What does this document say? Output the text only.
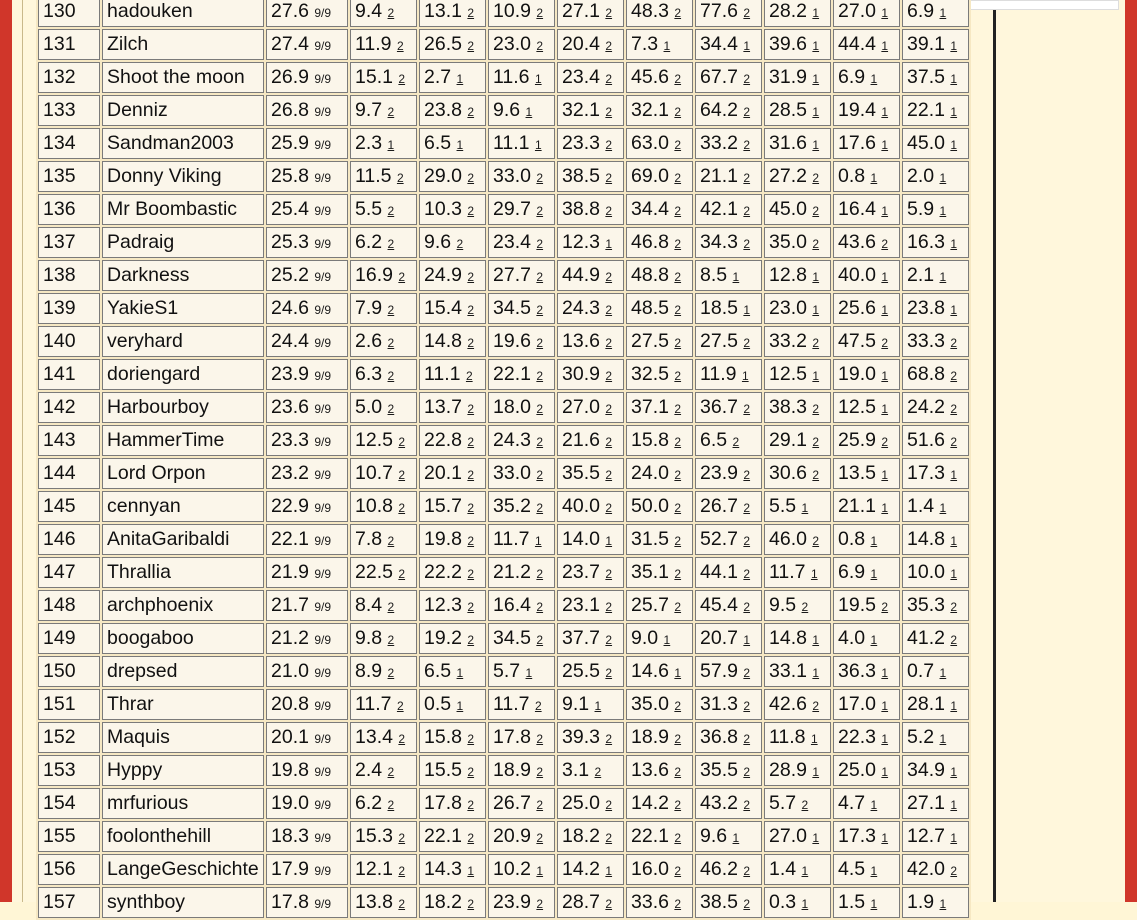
130	hadouken	27.6 9/9	9.4 2	13.1 2	10.9 2	27.1 2	48.3 2	77.6 2	28.2 1	27.0 1	6.9 1
131	Zilch	27.4 9/9	11.9 2	26.5 2	23.0 2	20.4 2	7.3 1	34.4 1	39.6 1	44.4 1	39.1 1
132	Shoot the moon	26.9 9/9	15.1 2	2.7 1	11.6 1	23.4 2	45.6 2	67.7 2	31.9 1	6.9 1	37.5 1
133	Denniz	26.8 9/9	9.7 2	23.8 2	9.6 1	32.1 2	32.1 2	64.2 2	28.5 1	19.4 1	22.1 1
134	Sandman2003	25.9 9/9	2.3 1	6.5 1	11.1 1	23.3 2	63.0 2	33.2 2	31.6 1	17.6 1	45.0 1
135	Donny Viking	25.8 9/9	11.5 2	29.0 2	33.0 2	38.5 2	69.0 2	21.1 2	27.2 2	0.8 1	2.0 1
136	Mr Boombastic	25.4 9/9	5.5 2	10.3 2	29.7 2	38.8 2	34.4 2	42.1 2	45.0 2	16.4 1	5.9 1
137	Padraig	25.3 9/9	6.2 2	9.6 2	23.4 2	12.3 1	46.8 2	34.3 2	35.0 2	43.6 2	16.3 1
138	Darkness	25.2 9/9	16.9 2	24.9 2	27.7 2	44.9 2	48.8 2	8.5 1	12.8 1	40.0 1	2.1 1
139	YakieS1	24.6 9/9	7.9 2	15.4 2	34.5 2	24.3 2	48.5 2	18.5 1	23.0 1	25.6 1	23.8 1
140	veryhard	24.4 9/9	2.6 2	14.8 2	19.6 2	13.6 2	27.5 2	27.5 2	33.2 2	47.5 2	33.3 2
141	doriengard	23.9 9/9	6.3 2	11.1 2	22.1 2	30.9 2	32.5 2	11.9 1	12.5 1	19.0 1	68.8 2
142	Harbourboy	23.6 9/9	5.0 2	13.7 2	18.0 2	27.0 2	37.1 2	36.7 2	38.3 2	12.5 1	24.2 2
143	HammerTime	23.3 9/9	12.5 2	22.8 2	24.3 2	21.6 2	15.8 2	6.5 2	29.1 2	25.9 2	51.6 2
144	Lord Orpon	23.2 9/9	10.7 2	20.1 2	33.0 2	35.5 2	24.0 2	23.9 2	30.6 2	13.5 1	17.3 1
145	cennyan	22.9 9/9	10.8 2	15.7 2	35.2 2	40.0 2	50.0 2	26.7 2	5.5 1	21.1 1	1.4 1
146	AnitaGaribaldi	22.1 9/9	7.8 2	19.8 2	11.7 1	14.0 1	31.5 2	52.7 2	46.0 2	0.8 1	14.8 1
147	Thrallia	21.9 9/9	22.5 2	22.2 2	21.2 2	23.7 2	35.1 2	44.1 2	11.7 1	6.9 1	10.0 1
148	archphoenix	21.7 9/9	8.4 2	12.3 2	16.4 2	23.1 2	25.7 2	45.4 2	9.5 2	19.5 2	35.3 2
149	boogaboo	21.2 9/9	9.8 2	19.2 2	34.5 2	37.7 2	9.0 1	20.7 1	14.8 1	4.0 1	41.2 2
150	drepsed	21.0 9/9	8.9 2	6.5 1	5.7 1	25.5 2	14.6 1	57.9 2	33.1 1	36.3 1	0.7 1
151	Thrar	20.8 9/9	11.7 2	0.5 1	11.7 2	9.1 1	35.0 2	31.3 2	42.6 2	17.0 1	28.1 1
152	Maquis	20.1 9/9	13.4 2	15.8 2	17.8 2	39.3 2	18.9 2	36.8 2	11.8 1	22.3 1	5.2 1
153	Hyppy	19.8 9/9	2.4 2	15.5 2	18.9 2	3.1 2	13.6 2	35.5 2	28.9 1	25.0 1	34.9 1
154	mrfurious	19.0 9/9	6.2 2	17.8 2	26.7 2	25.0 2	14.2 2	43.2 2	5.7 2	4.7 1	27.1 1
155	foolonthehill	18.3 9/9	15.3 2	22.1 2	20.9 2	18.2 2	22.1 2	9.6 1	27.0 1	17.3 1	12.7 1
156	LangeGeschichte	17.9 9/9	12.1 2	14.3 1	10.2 1	14.2 1	16.0 2	46.2 2	1.4 1	4.5 1	42.0 2
157	synthboy	17.8 9/9	13.8 2	18.2 2	23.9 2	28.7 2	33.6 2	38.5 2	0.3 1	1.5 1	1.9 1
